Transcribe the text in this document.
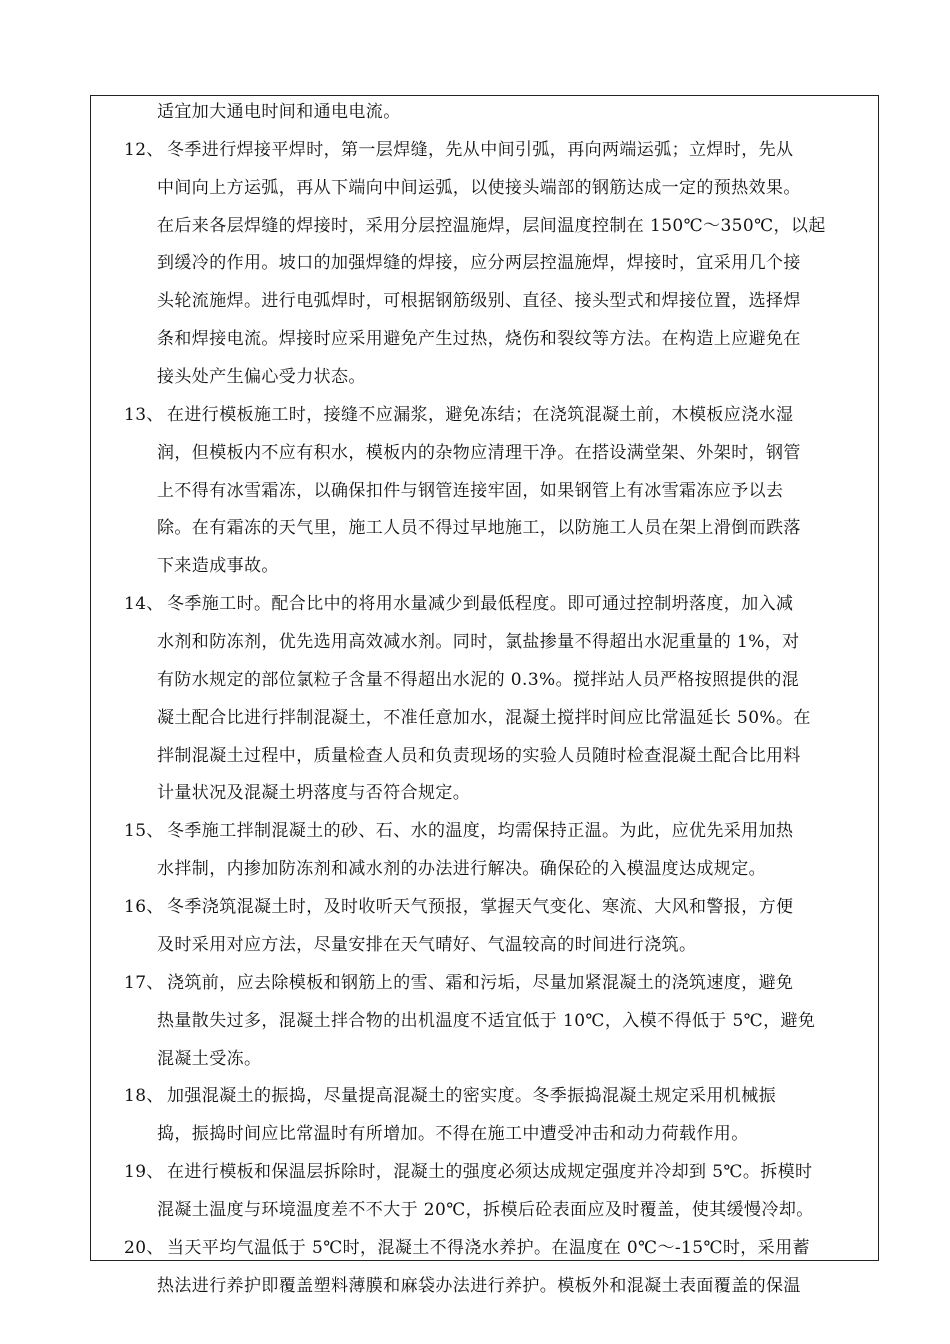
适宜加大通电时间和通电电流。
12、 冬季进行焊接平焊时，第一层焊缝，先从中间引弧，再向两端运弧；立焊时，先从
中间向上方运弧，再从下端向中间运弧，以使接头端部的钢筋达成一定的预热效果。
在后来各层焊缝的焊接时，采用分层控温施焊，层间温度控制在 150℃～350℃，以起
到缓冷的作用。坡口的加强焊缝的焊接，应分两层控温施焊，焊接时，宜采用几个接
头轮流施焊。进行电弧焊时，可根据钢筋级别、直径、接头型式和焊接位置，选择焊
条和焊接电流。焊接时应采用避免产生过热，烧伤和裂纹等方法。在构造上应避免在
接头处产生偏心受力状态。
13、 在进行模板施工时，接缝不应漏浆，避免冻结；在浇筑混凝土前，木模板应浇水湿
润，但模板内不应有积水，模板内的杂物应清理干净。在搭设满堂架、外架时，钢管
上不得有冰雪霜冻，以确保扣件与钢管连接牢固，如果钢管上有冰雪霜冻应予以去
除。在有霜冻的天气里，施工人员不得过早地施工，以防施工人员在架上滑倒而跌落
下来造成事故。
14、 冬季施工时。配合比中的将用水量减少到最低程度。即可通过控制坍落度，加入减
水剂和防冻剂，优先选用高效减水剂。同时，氯盐掺量不得超出水泥重量的 1%，对
有防水规定的部位氯粒子含量不得超出水泥的 0.3%。搅拌站人员严格按照提供的混
凝土配合比进行拌制混凝土，不准任意加水，混凝土搅拌时间应比常温延长 50%。在
拌制混凝土过程中，质量检查人员和负责现场的实验人员随时检查混凝土配合比用料
计量状况及混凝土坍落度与否符合规定。
15、 冬季施工拌制混凝土的砂、石、水的温度，均需保持正温。为此，应优先采用加热
水拌制，内掺加防冻剂和减水剂的办法进行解决。确保砼的入模温度达成规定。
16、 冬季浇筑混凝土时，及时收听天气预报，掌握天气变化、寒流、大风和警报，方便
及时采用对应方法，尽量安排在天气晴好、气温较高的时间进行浇筑。
17、 浇筑前，应去除模板和钢筋上的雪、霜和污垢，尽量加紧混凝土的浇筑速度，避免
热量散失过多，混凝土拌合物的出机温度不适宜低于 10℃，入模不得低于 5℃，避免
混凝土受冻。
18、 加强混凝土的振捣，尽量提高混凝土的密实度。冬季振捣混凝土规定采用机械振
捣，振捣时间应比常温时有所增加。不得在施工中遭受冲击和动力荷载作用。
19、 在进行模板和保温层拆除时，混凝土的强度必须达成规定强度并冷却到 5℃。拆模时
混凝土温度与环境温度差不不大于 20℃，拆模后砼表面应及时覆盖，使其缓慢冷却。
20、 当天平均气温低于 5℃时，混凝土不得浇水养护。在温度在 0℃～-15℃时，采用蓄
热法进行养护即覆盖塑料薄膜和麻袋办法进行养护。模板外和混凝土表面覆盖的保温
